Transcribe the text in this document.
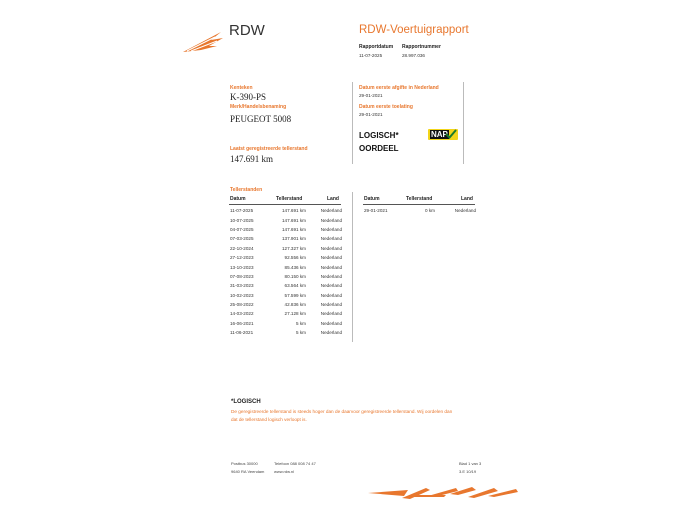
RDW	RDW-Voertuigrapport
Rapportdatum
11-07-2025
Rapportnummer
28.997.036
Kenteken
K-390-PS
Merk/Handelsbenaming
PEUGEOT 5008
Laatst geregistreerde tellerstand
147.691 km
Datum eerste afgifte in Nederland
29-01-2021
Datum eerste toelating
29-01-2021
LOGISCH*
OORDEEL
NAP
Tellerstanden
Datum	Tellerstand	Land
11-07-2025	147.691 km	Nederland
10-07-2025	147.691 km	Nederland
04-07-2025	147.691 km	Nederland
07-03-2025	137.901 km	Nederland
22-10-2024	127.327 km	Nederland
27-12-2023	92.556 km	Nederland
13-10-2023	85.436 km	Nederland
07-08-2023	80.150 km	Nederland
31-03-2023	63.564 km	Nederland
10-02-2023	57.599 km	Nederland
25-08-2022	42.836 km	Nederland
14-03-2022	27.128 km	Nederland
16-06-2021	5 km	Nederland
11-06-2021	5 km	Nederland
Datum	Tellerstand	Land
29-01-2021	0 km	Nederland
*LOGISCH
De geregistreerde tellerstand is steeds hoger dan de daarvoor geregistreerde tellerstand. Wij oordelen dan
dat de tellerstand logisch verloopt is.
Postbus 30000
9640 RA Veendam
Telefoon 088 008 74 47
www.rdw.nl
Blad 1 van 3
3.E 10/19
